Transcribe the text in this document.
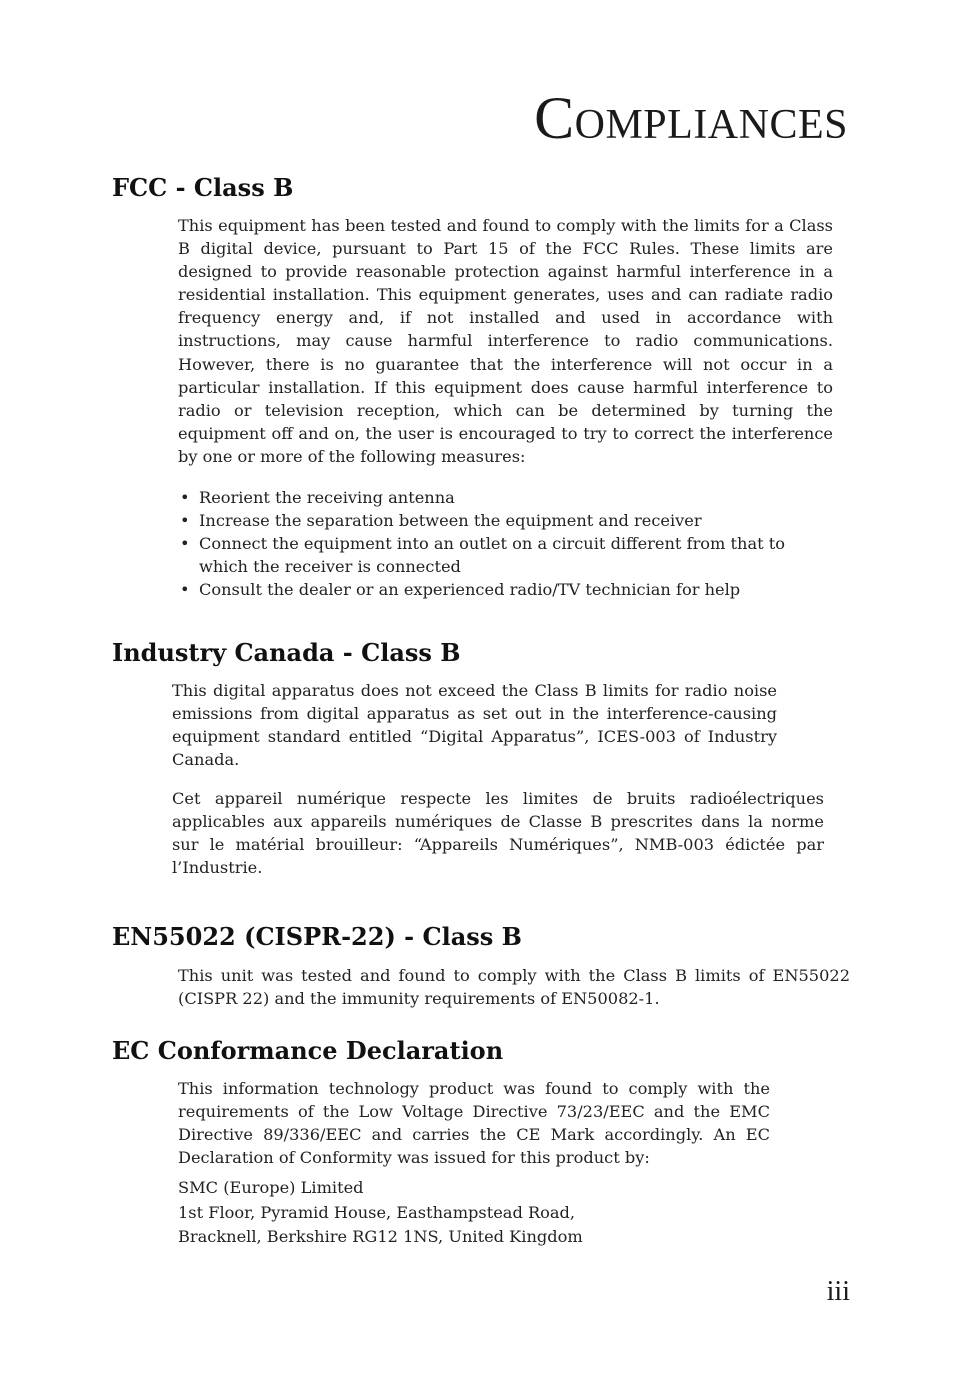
Compliances
FCC - Class B

This equipment has been tested and found to comply with the limits for a Class B digital device, pursuant to Part 15 of the FCC Rules. These limits are designed to provide reasonable protection against harmful interference in a residential installation. This equipment generates, uses and can radiate radio frequency energy and, if not installed and used in accordance with instructions, may cause harmful interference to radio communications. However, there is no guarantee that the interference will not occur in a particular installation. If this equipment does cause harmful interference to radio or television reception, which can be determined by turning the equipment off and on, the user is encouraged to try to correct the interference by one or more of the following measures:

• Reorient the receiving antenna
• Increase the separation between the equipment and receiver
• Connect the equipment into an outlet on a circuit different from that to which the receiver is connected
• Consult the dealer or an experienced radio/TV technician for help
Industry Canada - Class B

This digital apparatus does not exceed the Class B limits for radio noise emissions from digital apparatus as set out in the interference-causing equipment standard entitled “Digital Apparatus”, ICES-003 of Industry Canada.

Cet appareil numérique respecte les limites de bruits radioélectriques applicables aux appareils numériques de Classe B prescrites dans la norme sur le matérial brouilleur: “Appareils Numériques”, NMB-003 édictée par l’Industrie.

EN55022 (CISPR-22) - Class B

This unit was tested and found to comply with the Class B limits of EN55022 (CISPR 22) and the immunity requirements of EN50082-1.

EC Conformance Declaration

This information technology product was found to comply with the requirements of the Low Voltage Directive 73/23/EEC and the EMC Directive 89/336/EEC and carries the CE Mark accordingly. An EC Declaration of Conformity was issued for this product by:

SMC (Europe) Limited
1st Floor, Pyramid House, Easthampstead Road,
Bracknell, Berkshire RG12 1NS, United Kingdom

iii
